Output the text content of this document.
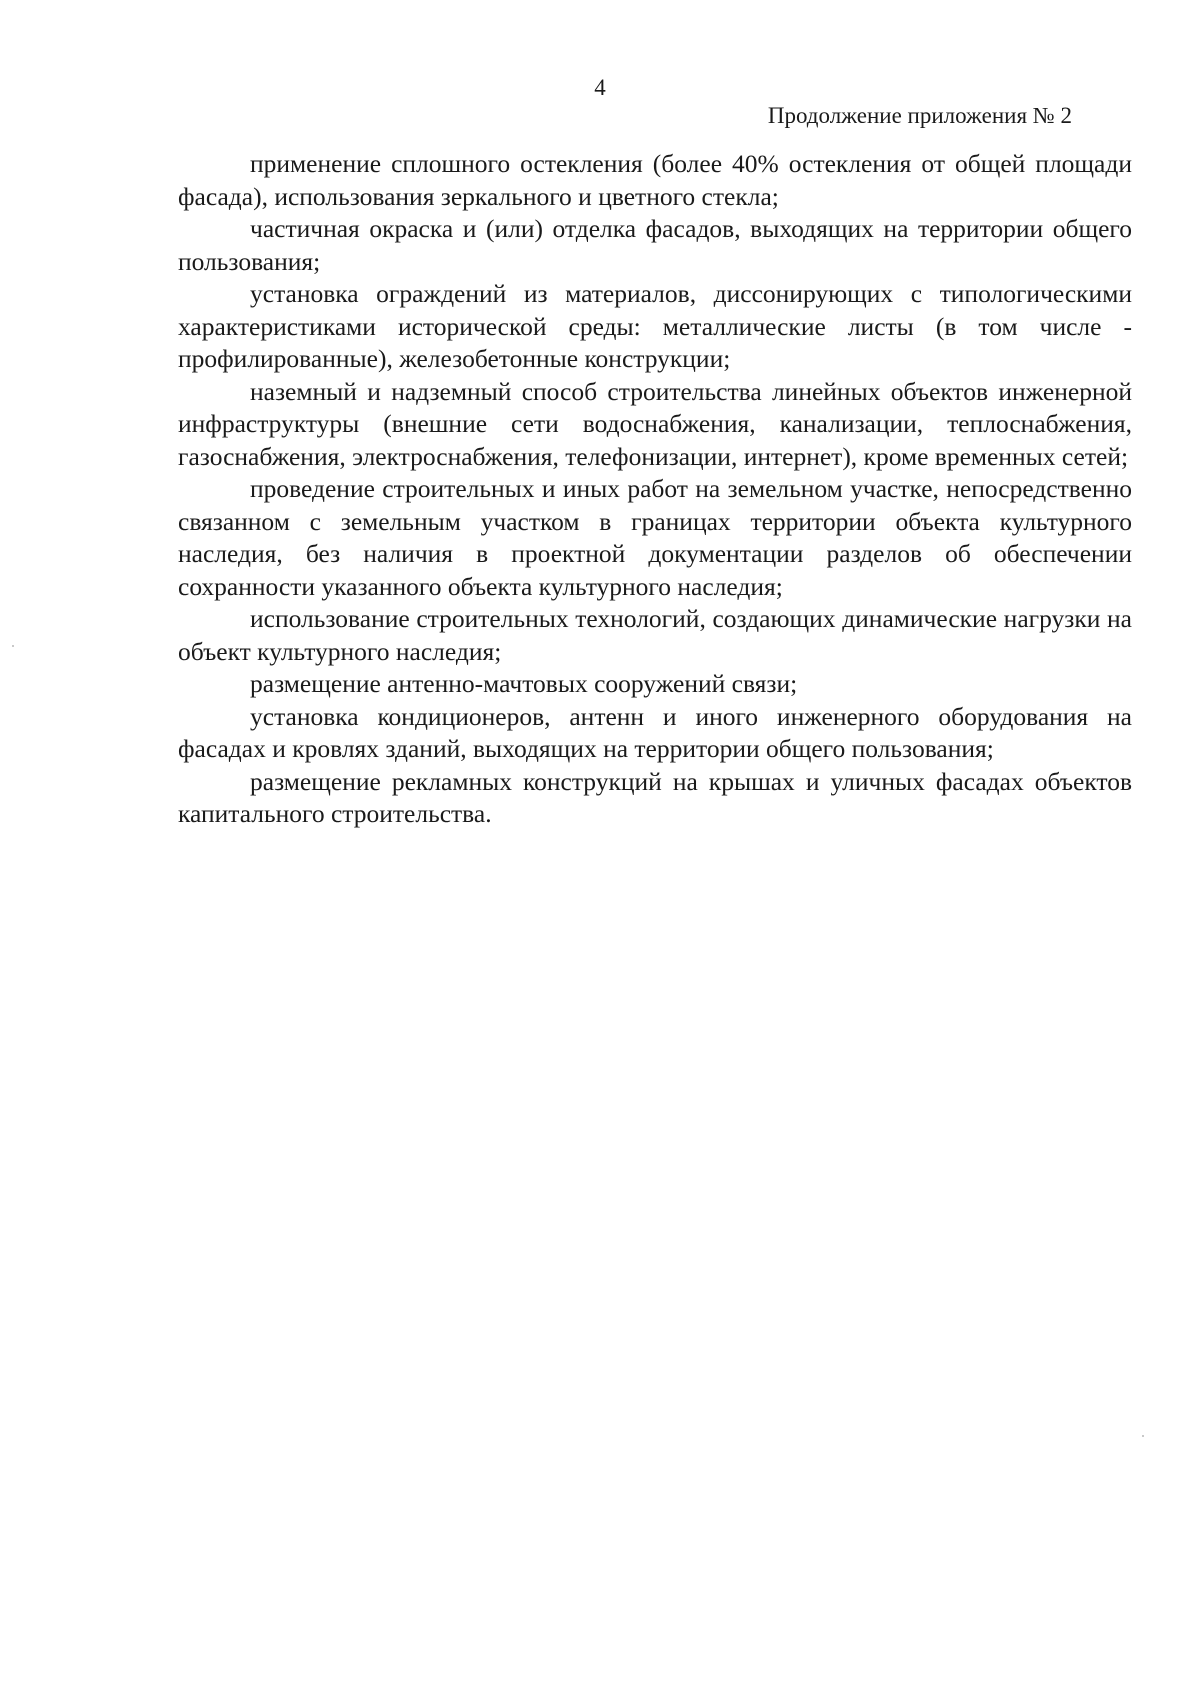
4
Продолжение приложения № 2

применение сплошного остекления (более 40% остекления от общей площади фасада), использования зеркального и цветного стекла;

частичная окраска и (или) отделка фасадов, выходящих на территории общего пользования;

установка ограждений из материалов, диссонирующих с типологическими характеристиками исторической среды: металлические листы (в том числе - профилированные), железобетонные конструкции;

наземный и надземный способ строительства линейных объектов инженерной инфраструктуры (внешние сети водоснабжения, канализации, теплоснабжения, газоснабжения, электроснабжения, телефонизации, интернет), кроме временных сетей;

проведение строительных и иных работ на земельном участке, непосредственно связанном с земельным участком в границах территории объекта культурного наследия, без наличия в проектной документации разделов об обеспечении сохранности указанного объекта культурного наследия;

использование строительных технологий, создающих динамические нагрузки на объект культурного наследия;

размещение антенно-мачтовых сооружений связи;

установка кондиционеров, антенн и иного инженерного оборудования на фасадах и кровлях зданий, выходящих на территории общего пользования;

размещение рекламных конструкций на крышах и уличных фасадах объектов капитального строительства.
